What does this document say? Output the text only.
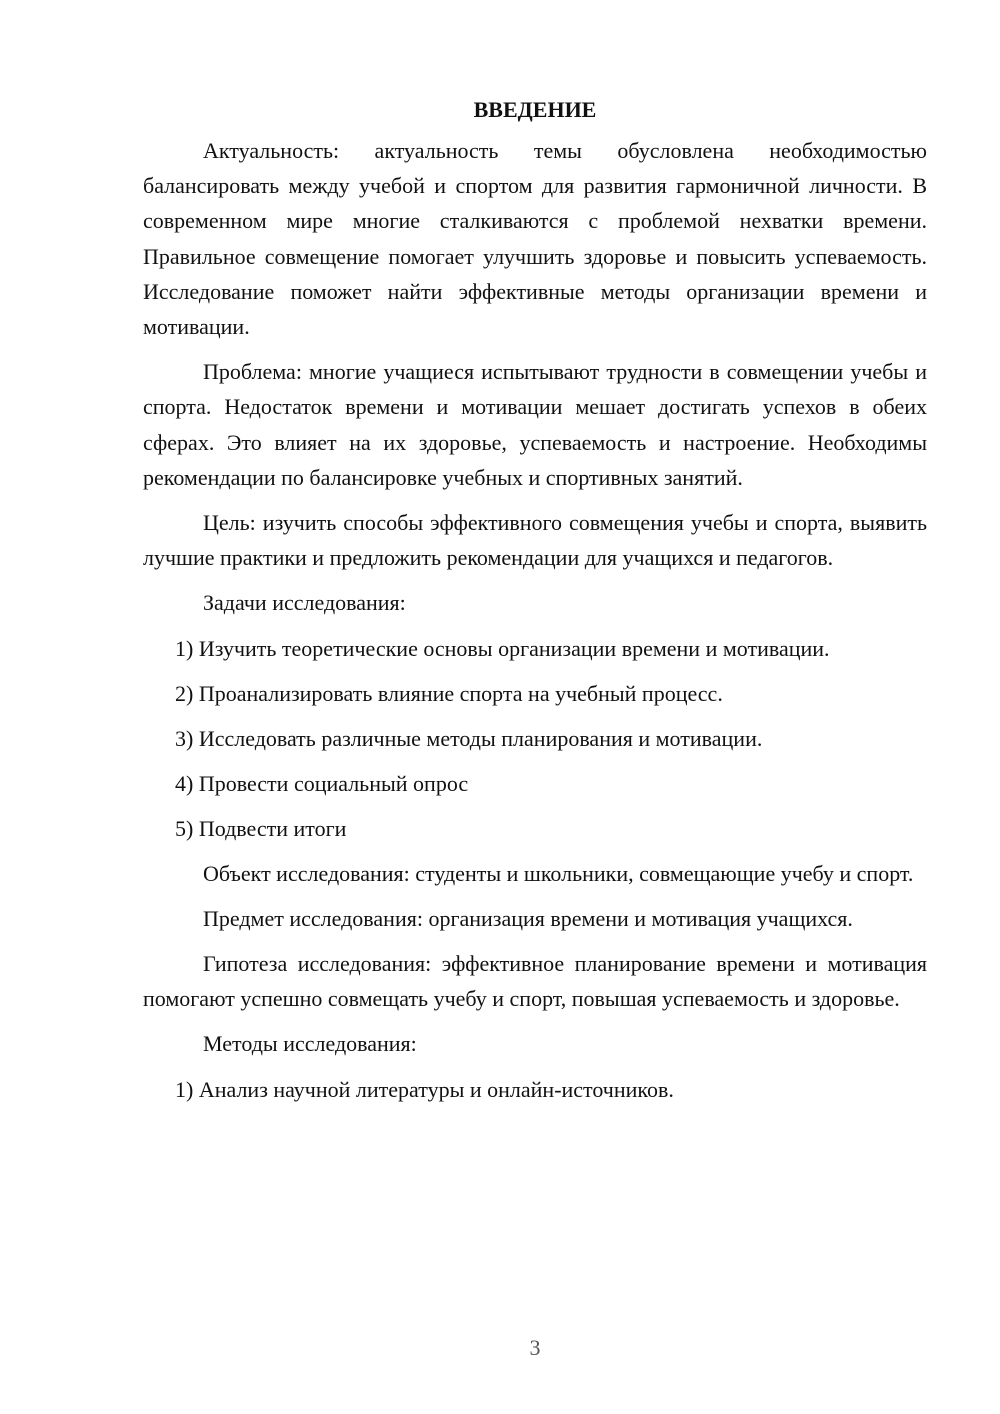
ВВЕДЕНИЕ

Актуальность: актуальность темы обусловлена необходимостью балансировать между учебой и спортом для развития гармоничной личности. В современном мире многие сталкиваются с проблемой нехватки времени. Правильное совмещение помогает улучшить здоровье и повысить успеваемость. Исследование поможет найти эффективные методы организации времени и мотивации.

Проблема: многие учащиеся испытывают трудности в совмещении учебы и спорта. Недостаток времени и мотивации мешает достигать успехов в обеих сферах. Это влияет на их здоровье, успеваемость и настроение. Необходимы рекомендации по балансировке учебных и спортивных занятий.

Цель: изучить способы эффективного совмещения учебы и спорта, выявить лучшие практики и предложить рекомендации для учащихся и педагогов.

Задачи исследования:

1) Изучить теоретические основы организации времени и мотивации.

2) Проанализировать влияние спорта на учебный процесс.

3) Исследовать различные методы планирования и мотивации.

4) Провести социальный опрос

5) Подвести итоги

Объект исследования: студенты и школьники, совмещающие учебу и спорт.

Предмет исследования: организация времени и мотивация учащихся.

Гипотеза исследования: эффективное планирование времени и мотивация помогают успешно совмещать учебу и спорт, повышая успеваемость и здоровье.

Методы исследования:

1) Анализ научной литературы и онлайн-источников.

3
